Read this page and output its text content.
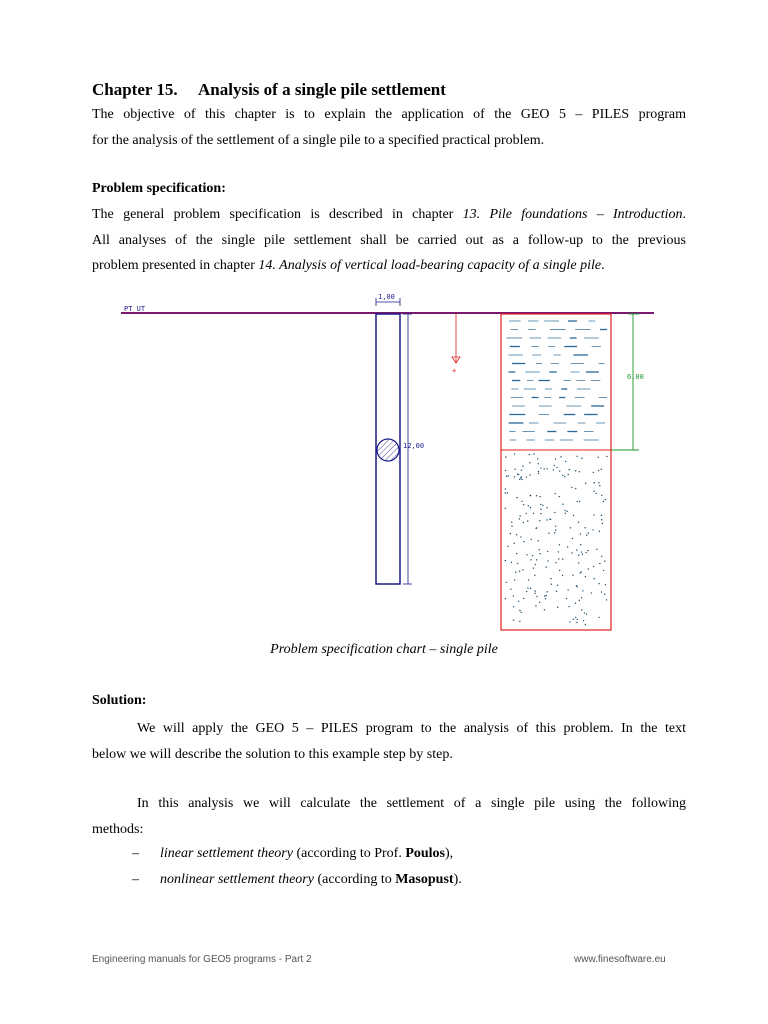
Chapter 15. Analysis of a single pile settlement

The objective of this chapter is to explain the application of the GEO 5 – PILES program
for the analysis of the settlement of a single pile to a specified practical problem.

Problem specification:

The general problem specification is described in chapter 13. Pile foundations – Introduction.
All analyses of the single pile settlement shall be carried out as a follow-up to the previous
problem presented in chapter 14. Analysis of vertical load-bearing capacity of a single pile.

PT UT
1,00
12,00
+
6,00
Problem specification chart – single pile
Solution:

We will apply the GEO 5 – PILES program to the analysis of this problem. In the text
below we will describe the solution to this example step by step.

In this analysis we will calculate the settlement of a single pile using the following
methods:

– linear settlement theory (according to Prof. Poulos),
– nonlinear settlement theory (according to Masopust).
Engineering manuals for GEO5 programs - Part 2	www.finesoftware.eu
